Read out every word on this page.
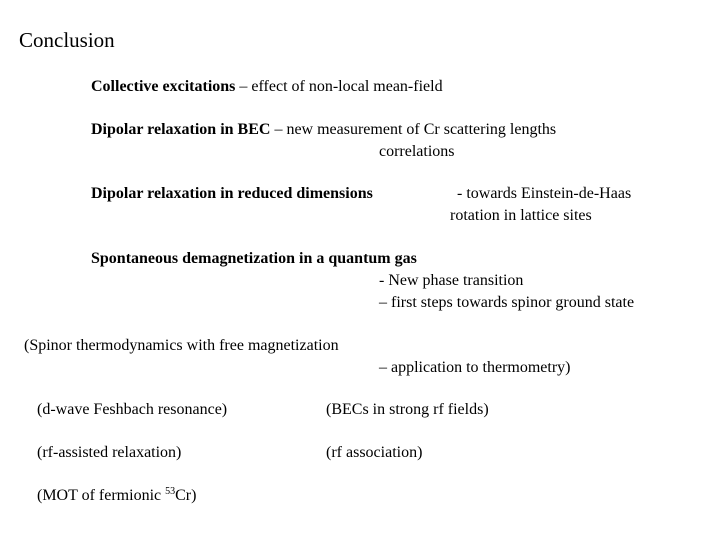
Conclusion
Collective excitations – effect of non-local mean-field
Dipolar relaxation in BEC – new measurement of Cr scattering lengths
correlations
Dipolar relaxation in reduced dimensions	- towards Einstein-de-Haas
rotation in lattice sites
Spontaneous demagnetization in a quantum gas
- New phase transition
– first steps towards spinor ground state
(Spinor thermodynamics with free magnetization
– application to thermometry)
(d-wave Feshbach resonance)	(BECs in strong rf fields)
(rf-assisted relaxation)	(rf association)
(MOT of fermionic $^{53}$Cr)
